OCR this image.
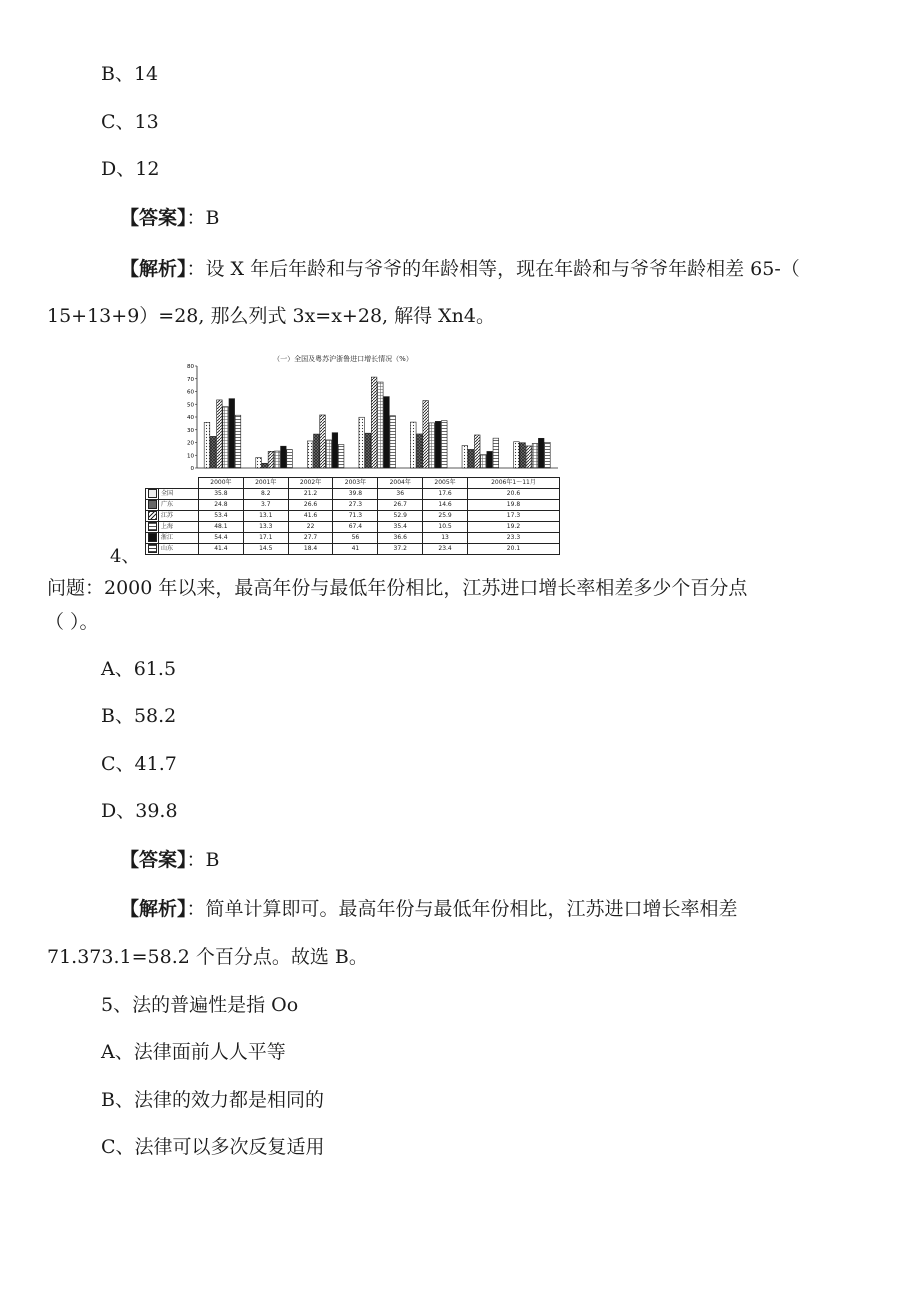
B、14
C、13
D、12
【答案】：B
【解析】：设 X 年后年龄和与爷爷的年龄相等，现在年龄和与爷爷年龄相差 65-（
15+13+9）=28, 那么列式 3x=x+28, 解得 Xn4。
（一）全国及粤苏沪浙鲁进口增长情况（%）
0
10
20
30
40
50
60
70
80
		2000年	2001年	2002年	2003年	2004年	2005年	2006年1～11月
	全国	35.8	8.2	21.2	39.8	36	17.6	20.6
	广东	24.8	3.7	26.6	27.3	26.7	14.6	19.8
	江苏	53.4	13.1	41.6	71.3	52.9	25.9	17.3
	上海	48.1	13.3	22	67.4	35.4	10.5	19.2
	浙江	54.4	17.1	27.7	56	36.6	13	23.3
	山东	41.4	14.5	18.4	41	37.2	23.4	20.1
4、
问题：2000 年以来，最高年份与最低年份相比，江苏进口增长率相差多少个百分点
（ ）。
A、61.5
B、58.2
C、41.7
D、39.8
【答案】：B
【解析】：简单计算即可。最高年份与最低年份相比，江苏进口增长率相差
71.373.1=58.2 个百分点。故选 B。
5、法的普遍性是指 Oo
A、法律面前人人平等
B、法律的效力都是相同的
C、法律可以多次反复适用
